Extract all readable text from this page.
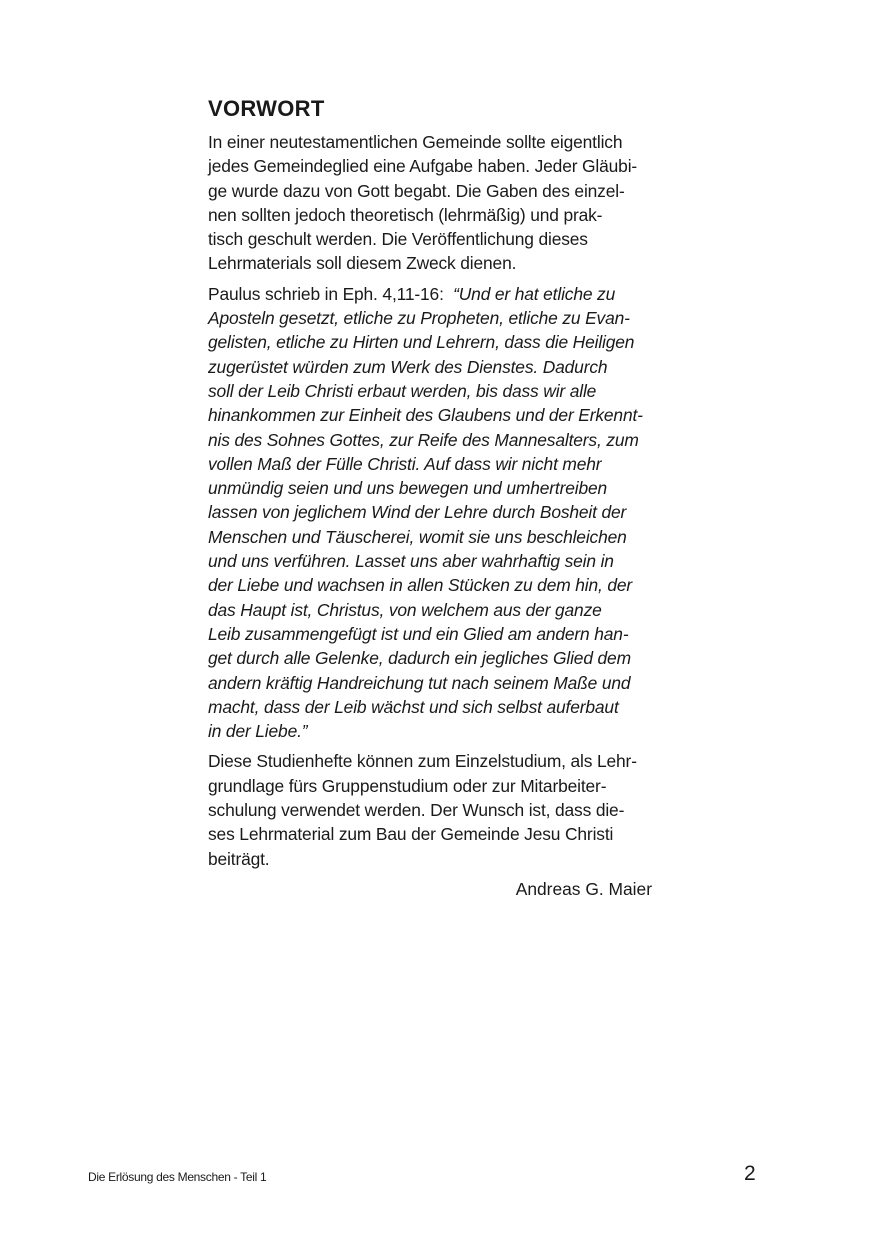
VORWORT
In einer neutestamentlichen Gemeinde sollte eigentlich
jedes Gemeindeglied eine Aufgabe haben. Jeder Gläubi-
ge wurde dazu von Gott begabt. Die Gaben des einzel-
nen sollten jedoch theoretisch (lehrmäßig) und prak-
tisch geschult werden. Die Veröffentlichung dieses
Lehrmaterials soll diesem Zweck dienen.
Paulus schrieb in Eph. 4,11-16: “Und er hat etliche zu
Aposteln gesetzt, etliche zu Propheten, etliche zu Evan-
gelisten, etliche zu Hirten und Lehrern, dass die Heiligen
zugerüstet würden zum Werk des Dienstes. Dadurch
soll der Leib Christi erbaut werden, bis dass wir alle
hinankommen zur Einheit des Glaubens und der Erkennt-
nis des Sohnes Gottes, zur Reife des Mannesalters, zum
vollen Maß der Fülle Christi. Auf dass wir nicht mehr
unmündig seien und uns bewegen und umhertreiben
lassen von jeglichem Wind der Lehre durch Bosheit der
Menschen und Täuscherei, womit sie uns beschleichen
und uns verführen. Lasset uns aber wahrhaftig sein in
der Liebe und wachsen in allen Stücken zu dem hin, der
das Haupt ist, Christus, von welchem aus der ganze
Leib zusammengefügt ist und ein Glied am andern han-
get durch alle Gelenke, dadurch ein jegliches Glied dem
andern kräftig Handreichung tut nach seinem Maße und
macht, dass der Leib wächst und sich selbst auferbaut
in der Liebe.”
Diese Studienhefte können zum Einzelstudium, als Lehr-
grundlage fürs Gruppenstudium oder zur Mitarbeiter-
schulung verwendet werden. Der Wunsch ist, dass die-
ses Lehrmaterial zum Bau der Gemeinde Jesu Christi
beiträgt.
Andreas G. Maier
Die Erlösung des Menschen - Teil 1	2
